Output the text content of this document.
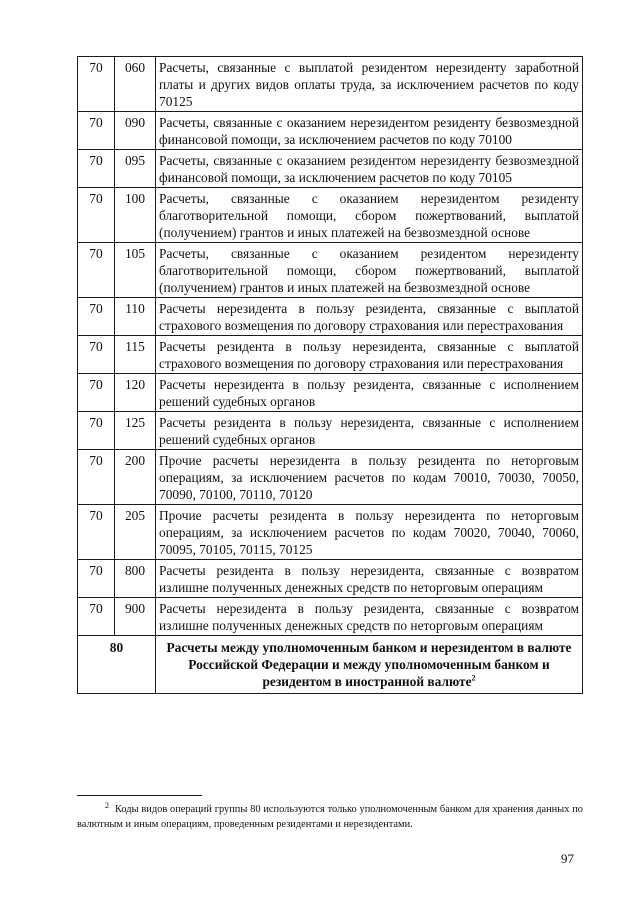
70	060	Расчеты, связанные с выплатой резидентом нерезиденту заработной платы и других видов оплаты труда, за исключением расчетов по коду 70125
70	090	Расчеты, связанные с оказанием нерезидентом резиденту безвозмездной финансовой помощи, за исключением расчетов по коду 70100
70	095	Расчеты, связанные с оказанием резидентом нерезиденту безвозмездной финансовой помощи, за исключением расчетов по коду 70105
70	100	Расчеты, связанные с оказанием нерезидентом резиденту благотворительной помощи, сбором пожертвований, выплатой (получением) грантов и иных платежей на безвозмездной основе
70	105	Расчеты, связанные с оказанием резидентом нерезиденту благотворительной помощи, сбором пожертвований, выплатой (получением) грантов и иных платежей на безвозмездной основе
70	110	Расчеты нерезидента в пользу резидента, связанные с выплатой страхового возмещения по договору страхования или перестрахования
70	115	Расчеты резидента в пользу нерезидента, связанные с выплатой страхового возмещения по договору страхования или перестрахования
70	120	Расчеты нерезидента в пользу резидента, связанные с исполнением решений судебных органов
70	125	Расчеты резидента в пользу нерезидента, связанные с исполнением решений судебных органов
70	200	Прочие расчеты нерезидента в пользу резидента по неторговым операциям, за исключением расчетов по кодам 70010, 70030, 70050, 70090, 70100, 70110, 70120
70	205	Прочие расчеты резидента в пользу нерезидента по неторговым операциям, за исключением расчетов по кодам 70020, 70040, 70060, 70095, 70105, 70115, 70125
70	800	Расчеты резидента в пользу нерезидента, связанные с возвратом излишне полученных денежных средств по неторговым операциям
70	900	Расчеты нерезидента в пользу резидента, связанные с возвратом излишне полученных денежных средств по неторговым операциям
80		Расчеты между уполномоченным банком и нерезидентом в валюте Российской Федерации и между уполномоченным банком и резидентом в иностранной валюте$^2$
$^2$ Коды видов операций группы 80 используются только уполномоченным банком для хранения данных по валютным и иным операциям, проведенным резидентами и нерезидентами.
97
